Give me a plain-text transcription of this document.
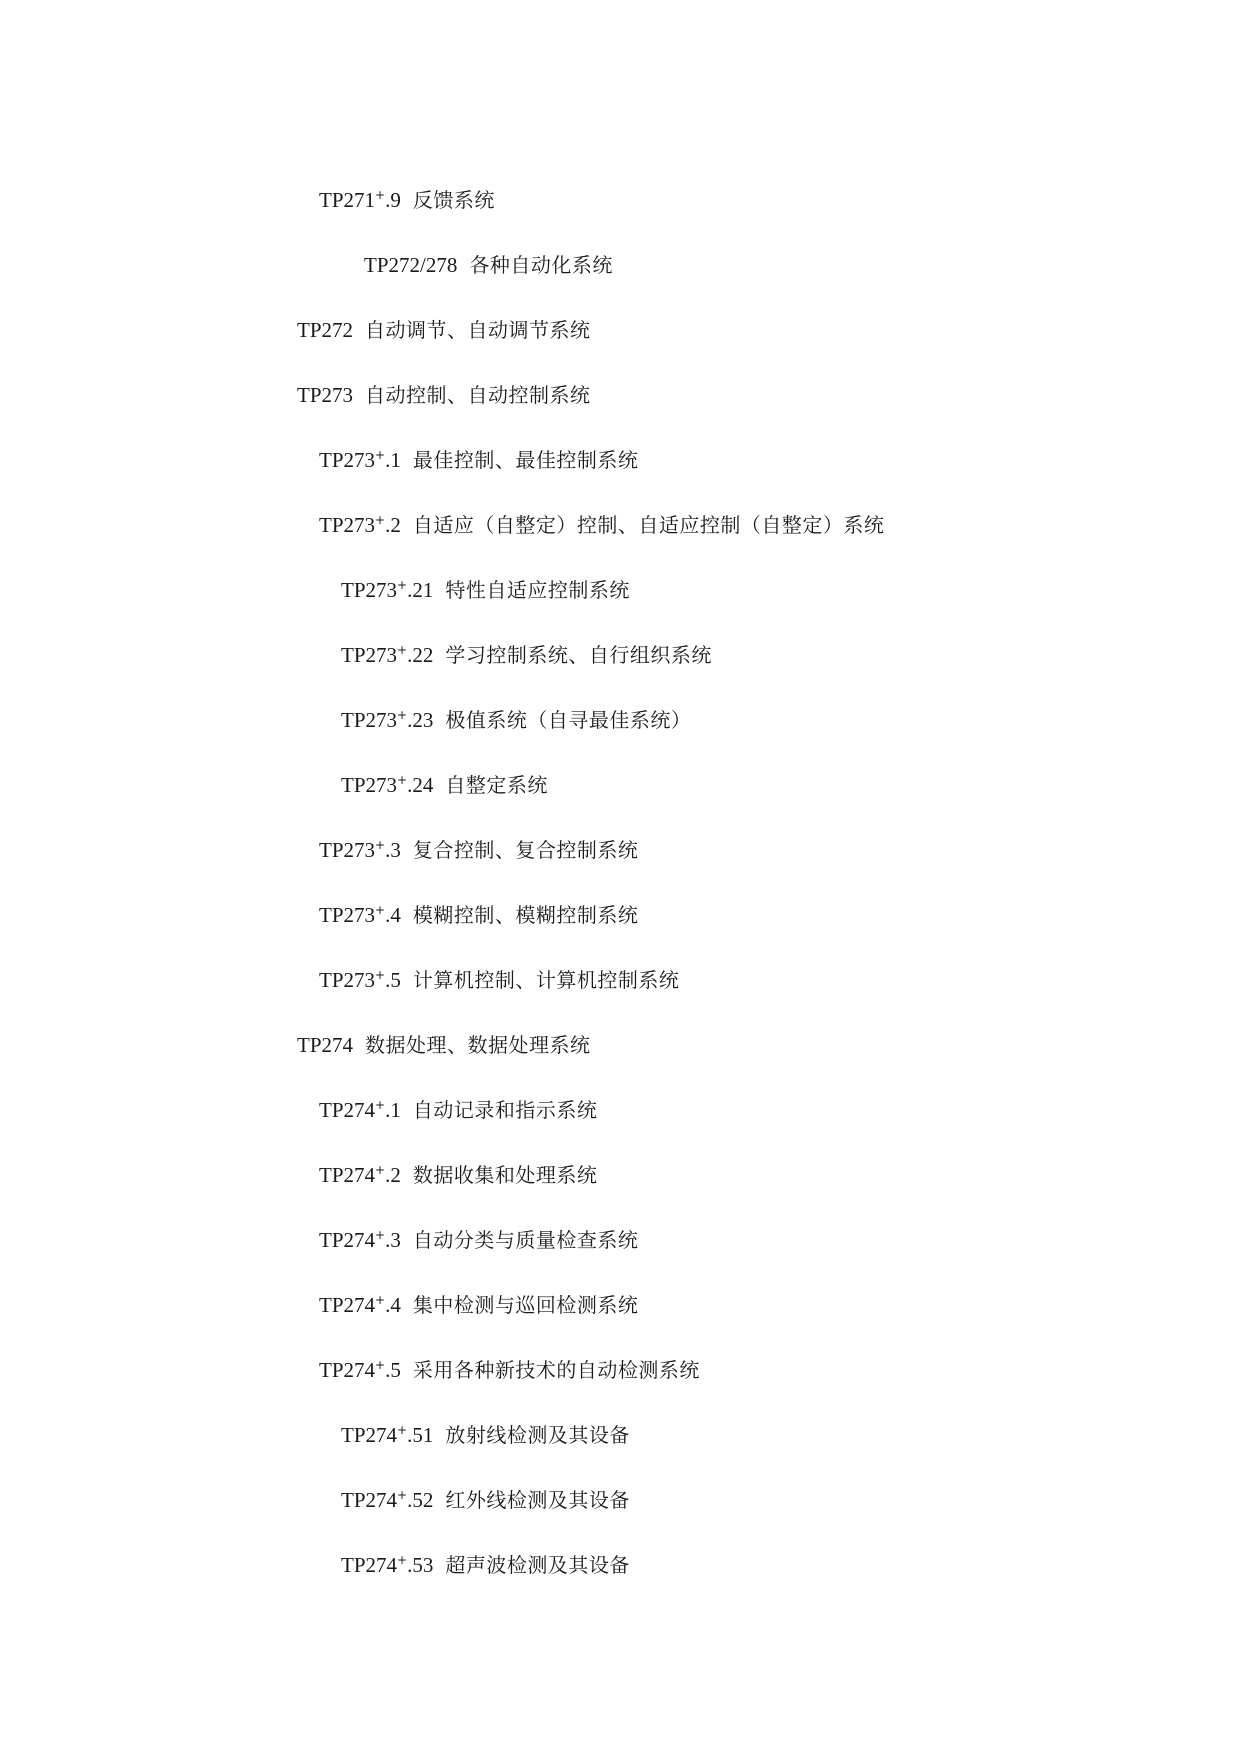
TP271+.9 反馈系统
TP272/278 各种自动化系统
TP272 自动调节、自动调节系统
TP273 自动控制、自动控制系统
TP273+.1 最佳控制、最佳控制系统
TP273+.2 自适应（自整定）控制、自适应控制（自整定）系统
TP273+.21 特性自适应控制系统
TP273+.22 学习控制系统、自行组织系统
TP273+.23 极值系统（自寻最佳系统）
TP273+.24 自整定系统
TP273+.3 复合控制、复合控制系统
TP273+.4 模糊控制、模糊控制系统
TP273+.5 计算机控制、计算机控制系统
TP274 数据处理、数据处理系统
TP274+.1 自动记录和指示系统
TP274+.2 数据收集和处理系统
TP274+.3 自动分类与质量检查系统
TP274+.4 集中检测与巡回检测系统
TP274+.5 采用各种新技术的自动检测系统
TP274+.51 放射线检测及其设备
TP274+.52 红外线检测及其设备
TP274+.53 超声波检测及其设备
